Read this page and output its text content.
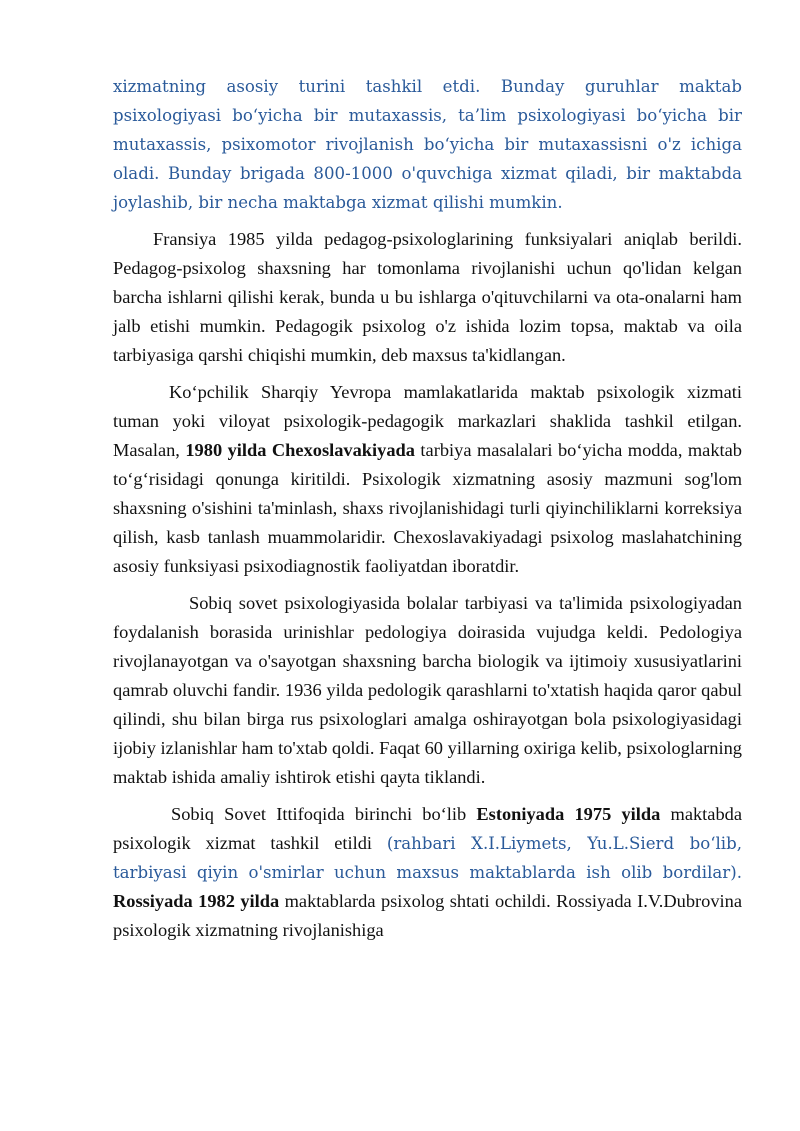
xizmatning asosiy turini tashkil etdi. Bunday guruhlar maktab psixologiyasi bo‘yicha bir mutaxassis, ta’lim psixologiyasi bo‘yicha bir mutaxassis, psixomotor rivojlanish bo‘yicha bir mutaxassisni o'z ichiga oladi. Bunday brigada 800-1000 o'quvchiga xizmat qiladi, bir maktabda joylashib, bir necha maktabga xizmat qilishi mumkin.

Fransiya 1985 yilda pedagog-psixologlarining funksiyalari aniqlab berildi. Pedagog-psixolog shaxsning har tomonlama rivojlanishi uchun qo'lidan kelgan barcha ishlarni qilishi kerak, bunda u bu ishlarga o'qituvchilarni va ota-onalarni ham jalb etishi mumkin. Pedagogik psixolog o'z ishida lozim topsa, maktab va oila tarbiyasiga qarshi chiqishi mumkin, deb maxsus ta'kidlangan.

Ko‘pchilik Sharqiy Yevropa mamlakatlarida maktab psixologik xizmati tuman yoki viloyat psixologik-pedagogik markazlari shaklida tashkil etilgan. Masalan, 1980 yilda Chexoslavakiyada tarbiya masalalari bo‘yicha modda, maktab to‘g‘risidagi qonunga kiritildi. Psixologik xizmatning asosiy mazmuni sog'lom shaxsning o'sishini ta'minlash, shaxs rivojlanishidagi turli qiyinchiliklarni korreksiya qilish, kasb tanlash muammolaridir. Chexoslavakiyadagi psixolog maslahatchining asosiy funksiyasi psixodiagnostik faoliyatdan iboratdir.

Sobiq sovet psixologiyasida bolalar tarbiyasi va ta'limida psixologiyadan foydalanish borasida urinishlar pedologiya doirasida vujudga keldi. Pedologiya rivojlanayotgan va o'sayotgan shaxsning barcha biologik va ijtimoiy xususiyatlarini qamrab oluvchi fandir. 1936 yilda pedologik qarashlarni to'xtatish haqida qaror qabul qilindi, shu bilan birga rus psixologlari amalga oshirayotgan bola psixologiyasidagi ijobiy izlanishlar ham to'xtab qoldi. Faqat 60 yillarning oxiriga kelib, psixologlarning maktab ishida amaliy ishtirok etishi qayta tiklandi.

Sobiq Sovet Ittifoqida birinchi bo‘lib Estoniyada 1975 yilda maktabda psixologik xizmat tashkil etildi (rahbari X.I.Liymets, Yu.L.Sierd bo‘lib, tarbiyasi qiyin o'smirlar uchun maxsus maktablarda ish olib bordilar). Rossiyada 1982 yilda maktablarda psixolog shtati ochildi. Rossiyada I.V.Dubrovina psixologik xizmatning rivojlanishiga
